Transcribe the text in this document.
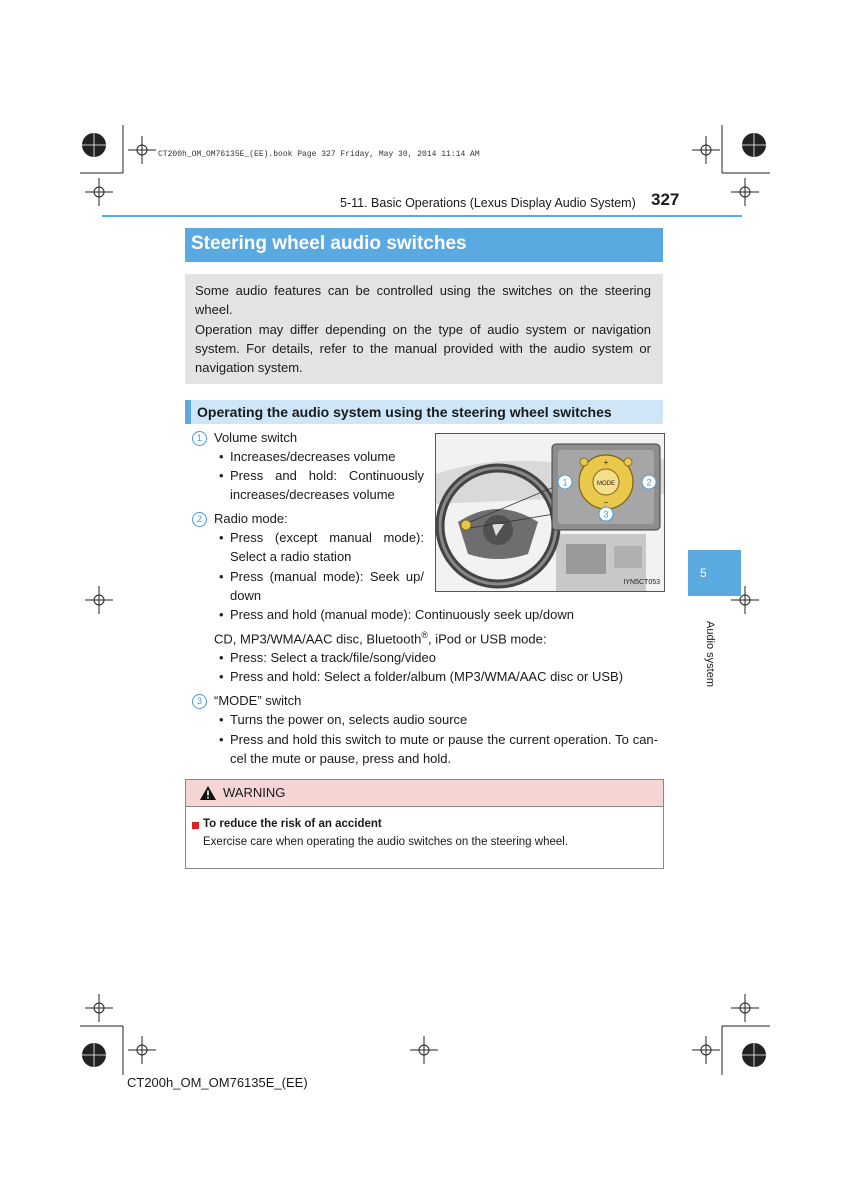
CT200h_OM_OM76135E_(EE).book Page 327 Friday, May 30, 2014 11:14 AM
5-11. Basic Operations (Lexus Display Audio System) 327
Steering wheel audio switches

Some audio features can be controlled using the switches on the steering wheel.

Operation may differ depending on the type of audio system or navigation system. For details, refer to the manual provided with the audio system or navigation system.

Operating the audio system using the steering wheel switches
1 Volume switch
• Increases/decreases volume
• Press and hold: Continuously
increases/decreases volume
2 Radio mode:
• Press (except manual mode):
Select a radio station
• Press (manual mode): Seek up/
down
• Press and hold (manual mode): Continuously seek up/down
CD, MP3/WMA/AAC disc, Bluetooth®, iPod or USB mode:
• Press: Select a track/file/song/video
• Press and hold: Select a folder/album (MP3/WMA/AAC disc or USB)
3 “MODE” switch
• Turns the power on, selects audio source
• Press and hold this switch to mute or pause the current operation. To can-
cel the mute or pause, press and hold.
MODE
+
−
1	2
3
IYN5CT053
5
Audio system
WARNING
To reduce the risk of an accident
Exercise care when operating the audio switches on the steering wheel.
CT200h_OM_OM76135E_(EE)
